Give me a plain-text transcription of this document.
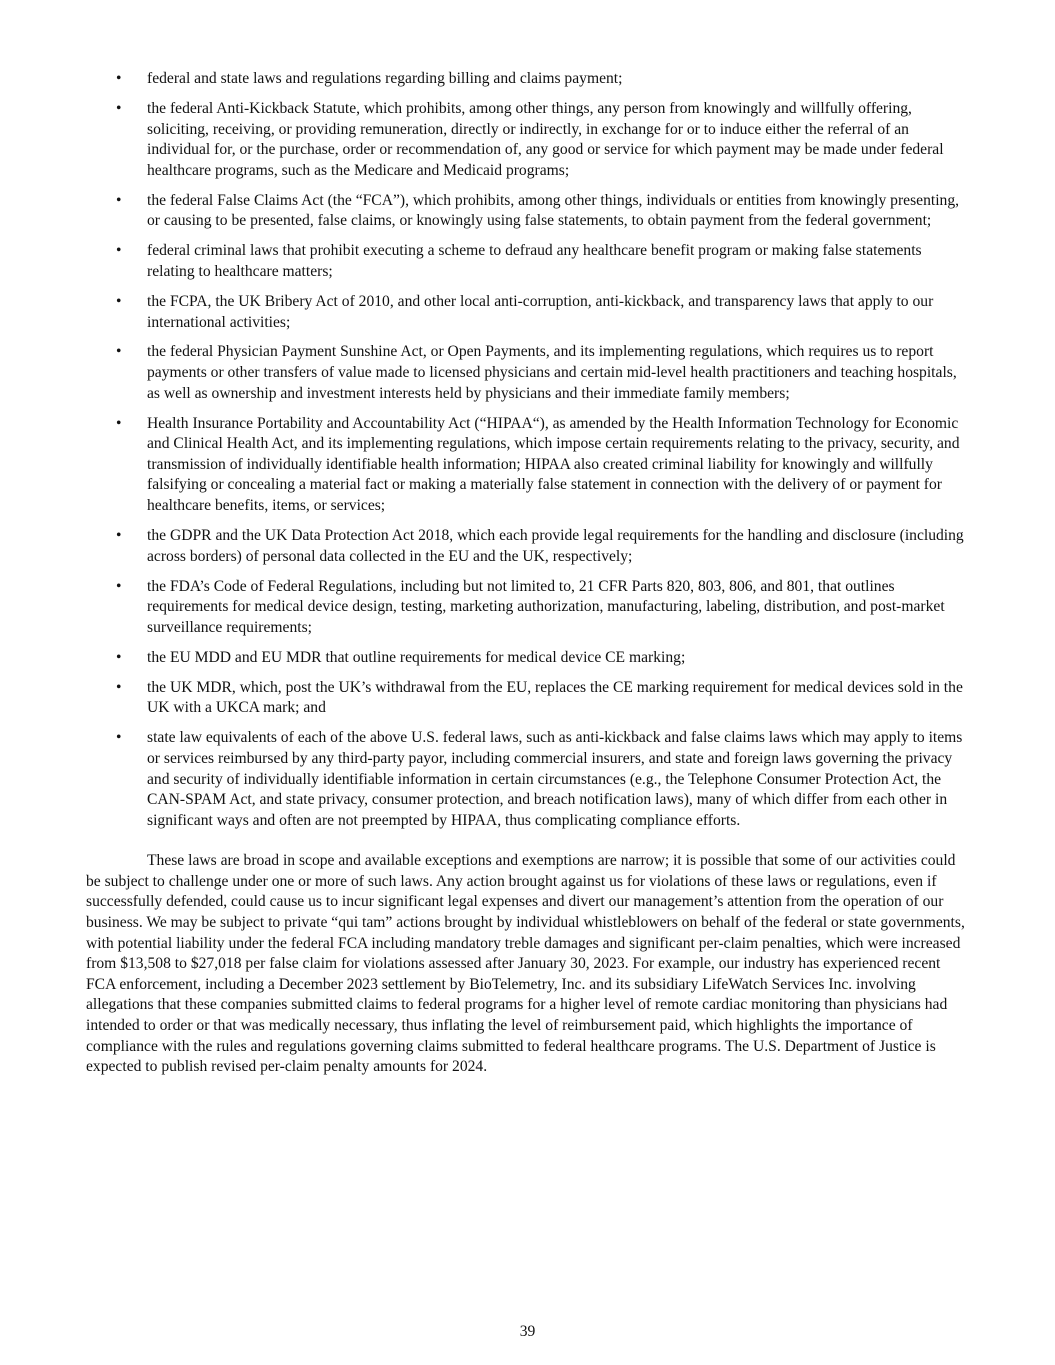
• federal and state laws and regulations regarding billing and claims payment;
• the federal Anti-Kickback Statute, which prohibits, among other things, any person from knowingly and willfully offering, soliciting, receiving, or providing remuneration, directly or indirectly, in exchange for or to induce either the referral of an individual for, or the purchase, order or recommendation of, any good or service for which payment may be made under federal healthcare programs, such as the Medicare and Medicaid programs;
• the federal False Claims Act (the “FCA”), which prohibits, among other things, individuals or entities from knowingly presenting, or causing to be presented, false claims, or knowingly using false statements, to obtain payment from the federal government;
• federal criminal laws that prohibit executing a scheme to defraud any healthcare benefit program or making false statements relating to healthcare matters;
• the FCPA, the UK Bribery Act of 2010, and other local anti-corruption, anti-kickback, and transparency laws that apply to our international activities;
• the federal Physician Payment Sunshine Act, or Open Payments, and its implementing regulations, which requires us to report payments or other transfers of value made to licensed physicians and certain mid-level health practitioners and teaching hospitals, as well as ownership and investment interests held by physicians and their immediate family members;
• Health Insurance Portability and Accountability Act (“HIPAA“), as amended by the Health Information Technology for Economic and Clinical Health Act, and its implementing regulations, which impose certain requirements relating to the privacy, security, and transmission of individually identifiable health information; HIPAA also created criminal liability for knowingly and willfully falsifying or concealing a material fact or making a materially false statement in connection with the delivery of or payment for healthcare benefits, items, or services;
• the GDPR and the UK Data Protection Act 2018, which each provide legal requirements for the handling and disclosure (including across borders) of personal data collected in the EU and the UK, respectively;
• the FDA’s Code of Federal Regulations, including but not limited to, 21 CFR Parts 820, 803, 806, and 801, that outlines requirements for medical device design, testing, marketing authorization, manufacturing, labeling, distribution, and post-market surveillance requirements;
• the EU MDD and EU MDR that outline requirements for medical device CE marking;
• the UK MDR, which, post the UK’s withdrawal from the EU, replaces the CE marking requirement for medical devices sold in the UK with a UKCA mark; and
• state law equivalents of each of the above U.S. federal laws, such as anti-kickback and false claims laws which may apply to items or services reimbursed by any third-party payor, including commercial insurers, and state and foreign laws governing the privacy and security of individually identifiable information in certain circumstances (e.g., the Telephone Consumer Protection Act, the CAN-SPAM Act, and state privacy, consumer protection, and breach notification laws), many of which differ from each other in significant ways and often are not preempted by HIPAA, thus complicating compliance efforts.

These laws are broad in scope and available exceptions and exemptions are narrow; it is possible that some of our activities could be subject to challenge under one or more of such laws. Any action brought against us for violations of these laws or regulations, even if successfully defended, could cause us to incur significant legal expenses and divert our management’s attention from the operation of our business. We may be subject to private “qui tam” actions brought by individual whistleblowers on behalf of the federal or state governments, with potential liability under the federal FCA including mandatory treble damages and significant per-claim penalties, which were increased from $13,508 to $27,018 per false claim for violations assessed after January 30, 2023. For example, our industry has experienced recent FCA enforcement, including a December 2023 settlement by BioTelemetry, Inc. and its subsidiary LifeWatch Services Inc. involving allegations that these companies submitted claims to federal programs for a higher level of remote cardiac monitoring than physicians had intended to order or that was medically necessary, thus inflating the level of reimbursement paid, which highlights the importance of compliance with the rules and regulations governing claims submitted to federal healthcare programs. The U.S. Department of Justice is expected to publish revised per-claim penalty amounts for 2024.

39
